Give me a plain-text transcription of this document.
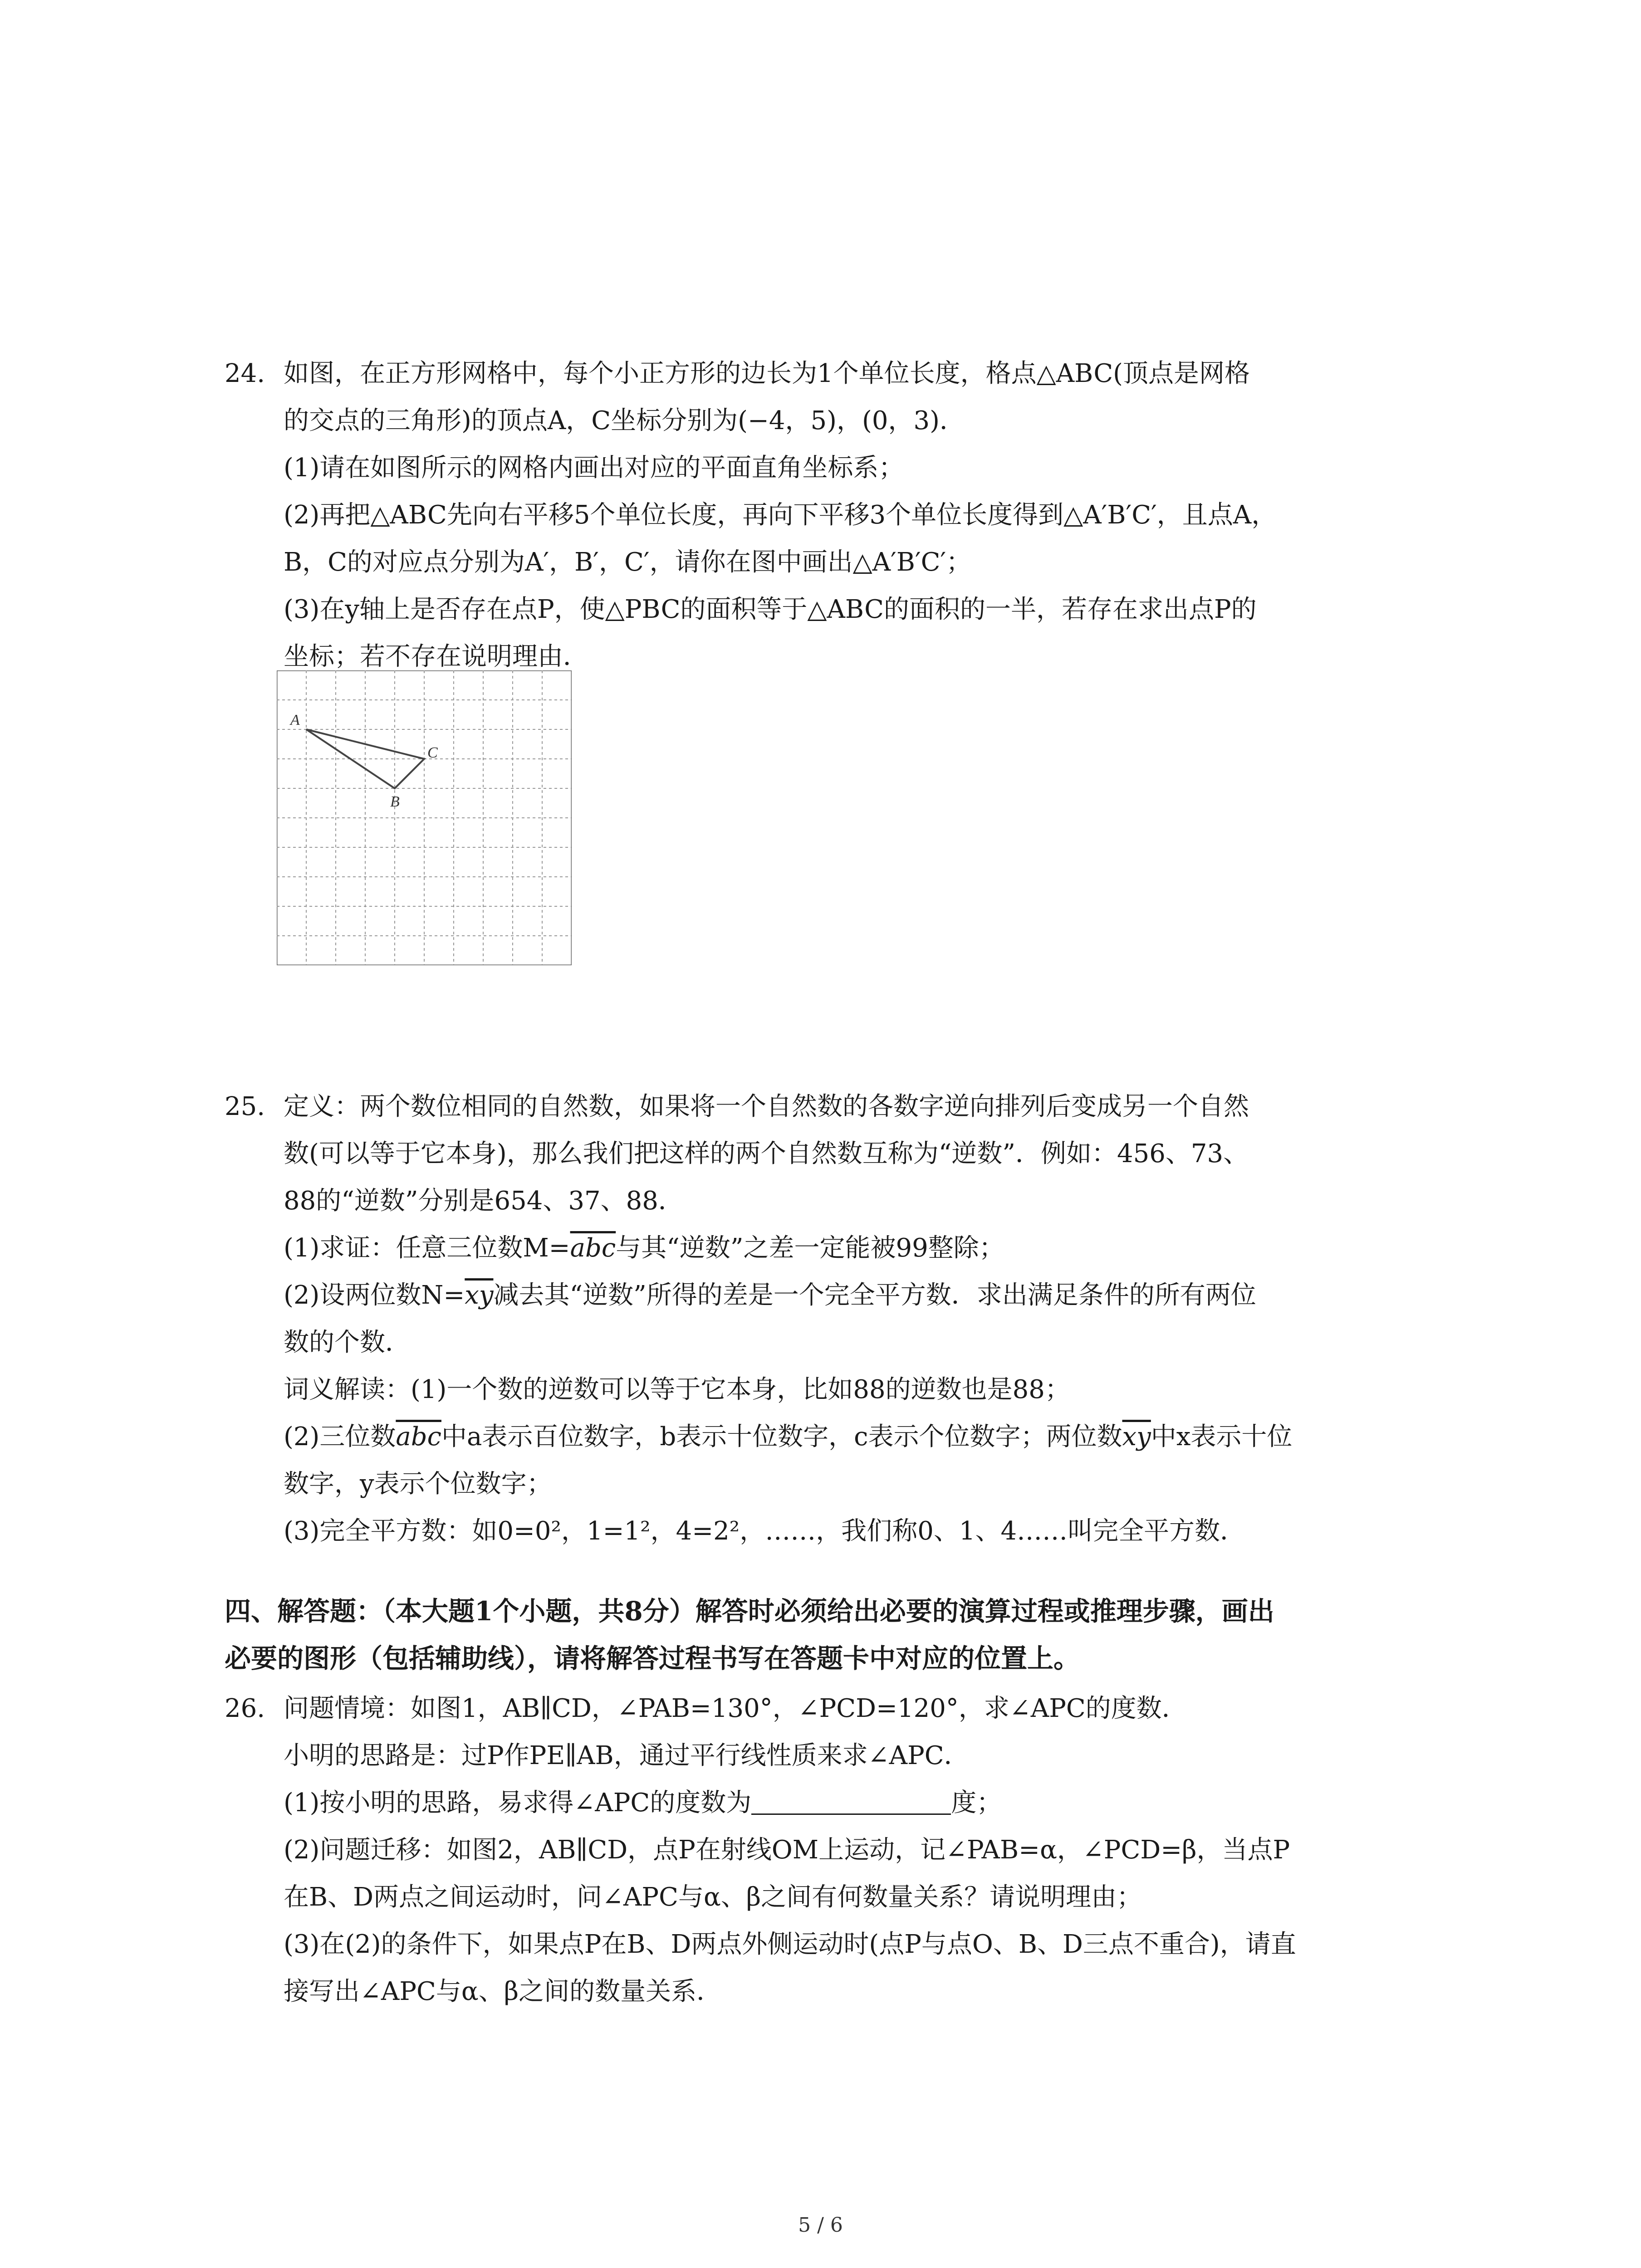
24. 如图，在正方形网格中，每个小正方形的边长为1个单位长度，格点△ABC(顶点是网格

的交点的三角形)的顶点A，C坐标分别为(−4，5)，(0，3)．

(1)请在如图所示的网格内画出对应的平面直角坐标系；

(2)再把△ABC先向右平移5个单位长度，再向下平移3个单位长度得到△A′B′C′，且点A，

B，C的对应点分别为A′，B′，C′，请你在图中画出△A′B′C′；

(3)在y轴上是否存在点P，使△PBC的面积等于△ABC的面积的一半，若存在求出点P的

坐标；若不存在说明理由．

A
B
C

25. 定义：两个数位相同的自然数，如果将一个自然数的各数字逆向排列后变成另一个自然

数(可以等于它本身)，那么我们把这样的两个自然数互称为“逆数”．例如：456、73、

88的“逆数”分别是654、37、88．

(1)求证：任意三位数$M=\overline{abc}$与其“逆数”之差一定能被99整除；

(2)设两位数$N=\overline{xy}$减去其“逆数”所得的差是一个完全平方数．求出满足条件的所有两位

数的个数．

词义解读：(1)一个数的逆数可以等于它本身，比如88的逆数也是88；

(2)三位数$\overline{abc}$中a表示百位数字，b表示十位数字，c表示个位数字；两位数$\overline{xy}$中x表示十位

数字，y表示个位数字；

(3)完全平方数：如0=0²，1=1²，4=2²，……，我们称0、1、4……叫完全平方数．

四、解答题：（本大题1个小题，共8分）解答时必须给出必要的演算过程或推理步骤，画出

必要的图形（包括辅助线），请将解答过程书写在答题卡中对应的位置上。

26. 问题情境：如图1，AB∥CD，∠PAB=130°，∠PCD=120°，求∠APC的度数．

小明的思路是：过P作PE∥AB，通过平行线性质来求∠APC．

(1)按小明的思路，易求得∠APC的度数为	度；

(2)问题迁移：如图2，AB∥CD，点P在射线OM上运动，记∠PAB=α，∠PCD=β，当点P

在B、D两点之间运动时，问∠APC与α、β之间有何数量关系？请说明理由；

(3)在(2)的条件下，如果点P在B、D两点外侧运动时(点P与点O、B、D三点不重合)，请直

接写出∠APC与α、β之间的数量关系．

5 / 6
